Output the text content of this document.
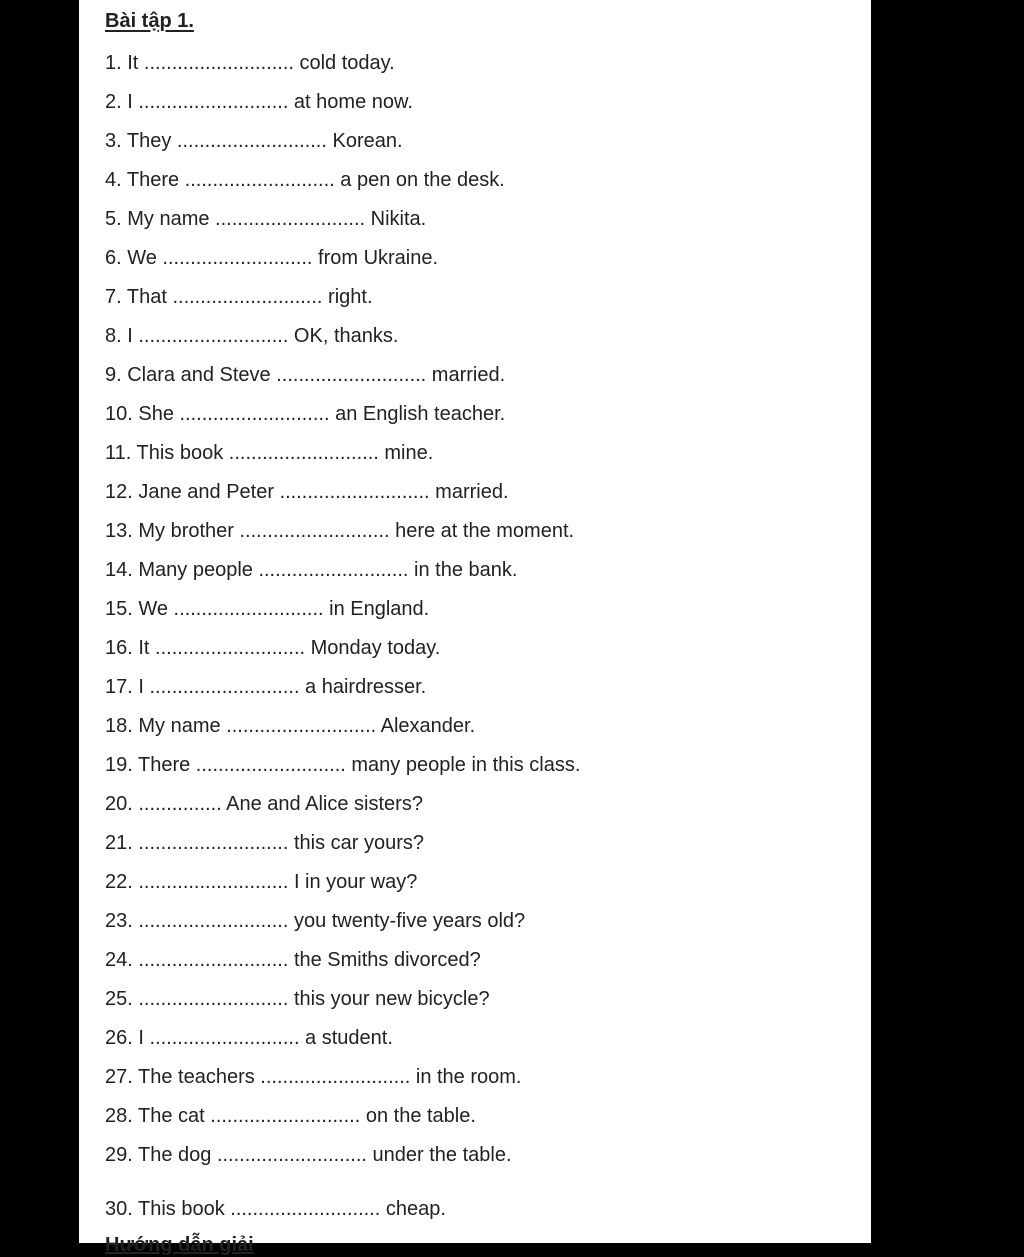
Bài tập 1.

1. It ........................... cold today.
2. I ........................... at home now.
3. They ........................... Korean.
4. There ........................... a pen on the desk.
5. My name ........................... Nikita.
6. We ........................... from Ukraine.
7. That ........................... right.
8. I ........................... OK, thanks.
9. Clara and Steve ........................... married.
10. She ........................... an English teacher.
11. This book ........................... mine.
12. Jane and Peter ........................... married.
13. My brother ........................... here at the moment.
14. Many people ........................... in the bank.
15. We ........................... in England.
16. It ........................... Monday today.
17. I ........................... a hairdresser.
18. My name ........................... Alexander.
19. There ........................... many people in this class.
20. ............... Ane and Alice sisters?
21. ........................... this car yours?
22. ........................... I in your way?
23. ........................... you twenty-five years old?
24. ........................... the Smiths divorced?
25. ........................... this your new bicycle?
26. I ........................... a student.
27. The teachers ........................... in the room.
28. The cat ........................... on the table.
29. The dog ........................... under the table.
30. This book ........................... cheap.
Hướng dẫn giải
